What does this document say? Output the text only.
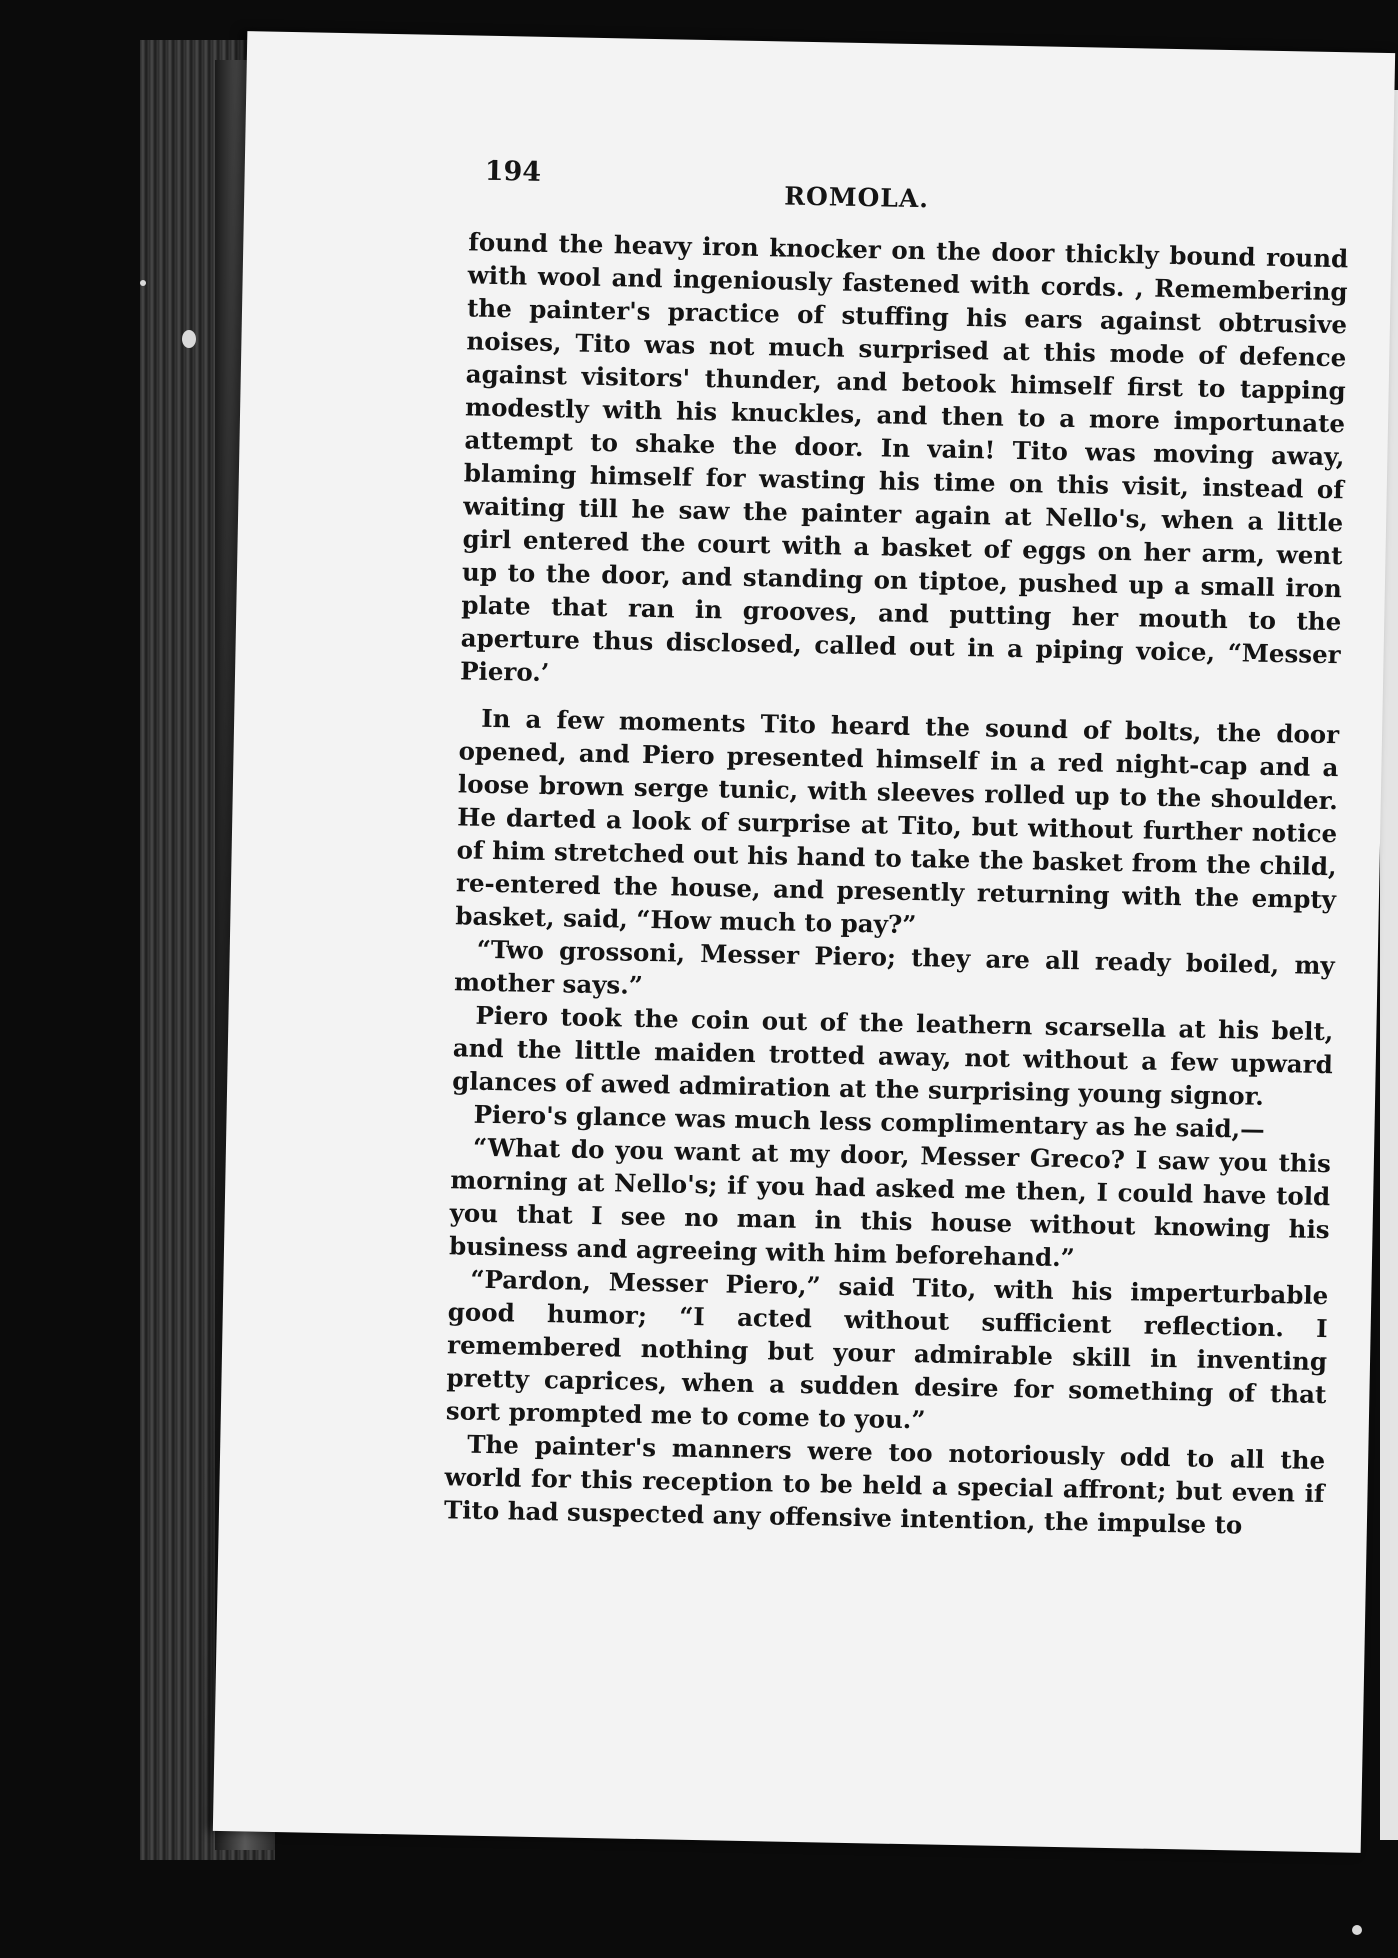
194
ROMOLA.

found the heavy iron knocker on the door thickly bound round with wool and ingeniously fastened with cords. , Remembering the painter's practice of stuffing his ears against obtrusive noises, Tito was not much surprised at this mode of defence against visitors' thunder, and betook himself first to tapping modestly with his knuckles, and then to a more importunate attempt to shake the door. In vain! Tito was moving away, blaming himself for wasting his time on this visit, instead of waiting till he saw the painter again at Nello's, when a little girl entered the court with a basket of eggs on her arm, went up to the door, and standing on tiptoe, pushed up a small iron plate that ran in grooves, and putting her mouth to the aperture thus disclosed, called out in a piping voice, “Messer Piero.’

In a few moments Tito heard the sound of bolts, the door opened, and Piero presented himself in a red night-cap and a loose brown serge tunic, with sleeves rolled up to the shoulder. He darted a look of surprise at Tito, but without further notice of him stretched out his hand to take the basket from the child, re-entered the house, and presently returning with the empty basket, said, “How much to pay?”

“Two grossoni, Messer Piero; they are all ready boiled, my mother says.”

Piero took the coin out of the leathern scarsella at his belt, and the little maiden trotted away, not without a few upward glances of awed admiration at the surprising young signor.

Piero's glance was much less complimentary as he said,—

“What do you want at my door, Messer Greco? I saw you this morning at Nello's; if you had asked me then, I could have told you that I see no man in this house without knowing his business and agreeing with him beforehand.”

“Pardon, Messer Piero,” said Tito, with his imperturbable good humor; “I acted without sufficient reflection. I remembered nothing but your admirable skill in inventing pretty caprices, when a sudden desire for something of that sort prompted me to come to you.”

The painter's manners were too notoriously odd to all the world for this reception to be held a special affront; but even if Tito had suspected any offensive intention, the impulse to
